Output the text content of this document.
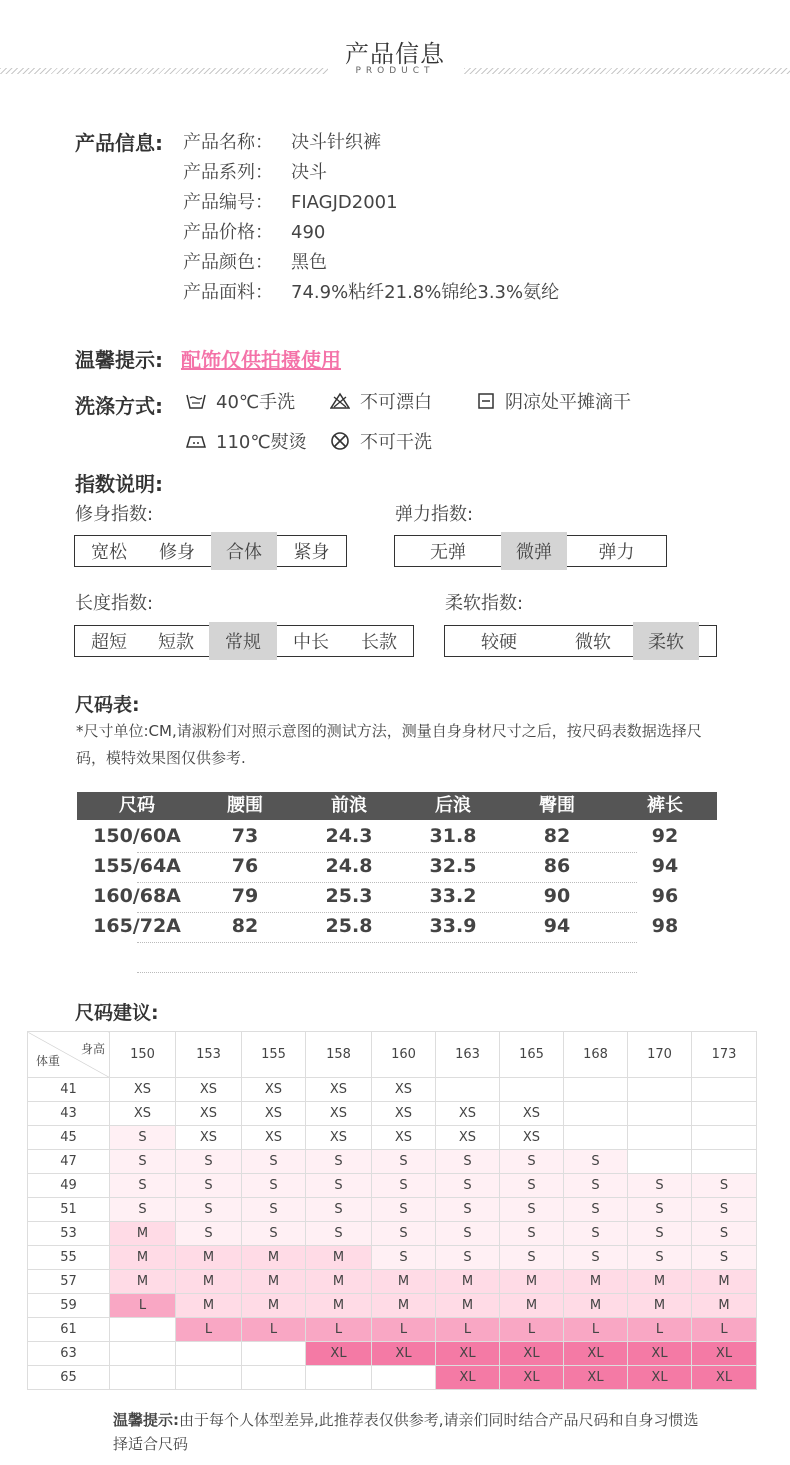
产品信息
PRODUCT
产品信息: 产品名称： 决斗针织裤
产品系列： 决斗
产品编号： FIAGJD2001
产品价格： 490
产品颜色： 黑色
产品面料： 74.9%粘纤21.8%锦纶3.3%氨纶
温馨提示: 配饰仅供拍摄使用
洗涤方式:	40℃手洗	不可漂白	阴凉处平摊滴干
110℃熨烫	不可干洗
指数说明:
修身指数:
宽松	修身	合体	紧身
弹力指数:
无弹	微弹	弹力
长度指数:
超短	短款	常规	中长	长款
柔软指数:
较硬	微软	柔软
尺码表:
*尺寸单位:CM,请淑粉们对照示意图的测试方法，测量自身身材尺寸之后，按尺码表数据选择尺码，模特效果图仅供参考.
尺码	腰围	前浪	后浪	臀围	裤长
150/60A	73	24.3	31.8	82	92
155/64A	76	24.8	32.5	86	94
160/68A	79	25.3	33.2	90	96
165/72A	82	25.8	33.9	94	98
尺码建议:
身高
体重	150	153	155	158	160	163	165	168	170	173
41	XS	XS	XS	XS	XS					
43	XS	XS	XS	XS	XS	XS	XS			
45	S	XS	XS	XS	XS	XS	XS			
47	S	S	S	S	S	S	S	S		
49	S	S	S	S	S	S	S	S	S	S
51	S	S	S	S	S	S	S	S	S	S
53	M	S	S	S	S	S	S	S	S	S
55	M	M	M	M	S	S	S	S	S	S
57	M	M	M	M	M	M	M	M	M	M
59	L	M	M	M	M	M	M	M	M	M
61		L	L	L	L	L	L	L	L	L
63				XL	XL	XL	XL	XL	XL	XL
65						XL	XL	XL	XL	XL
温馨提示:由于每个人体型差异,此推荐表仅供参考,请亲们同时结合产品尺码和自身习惯选择适合尺码
